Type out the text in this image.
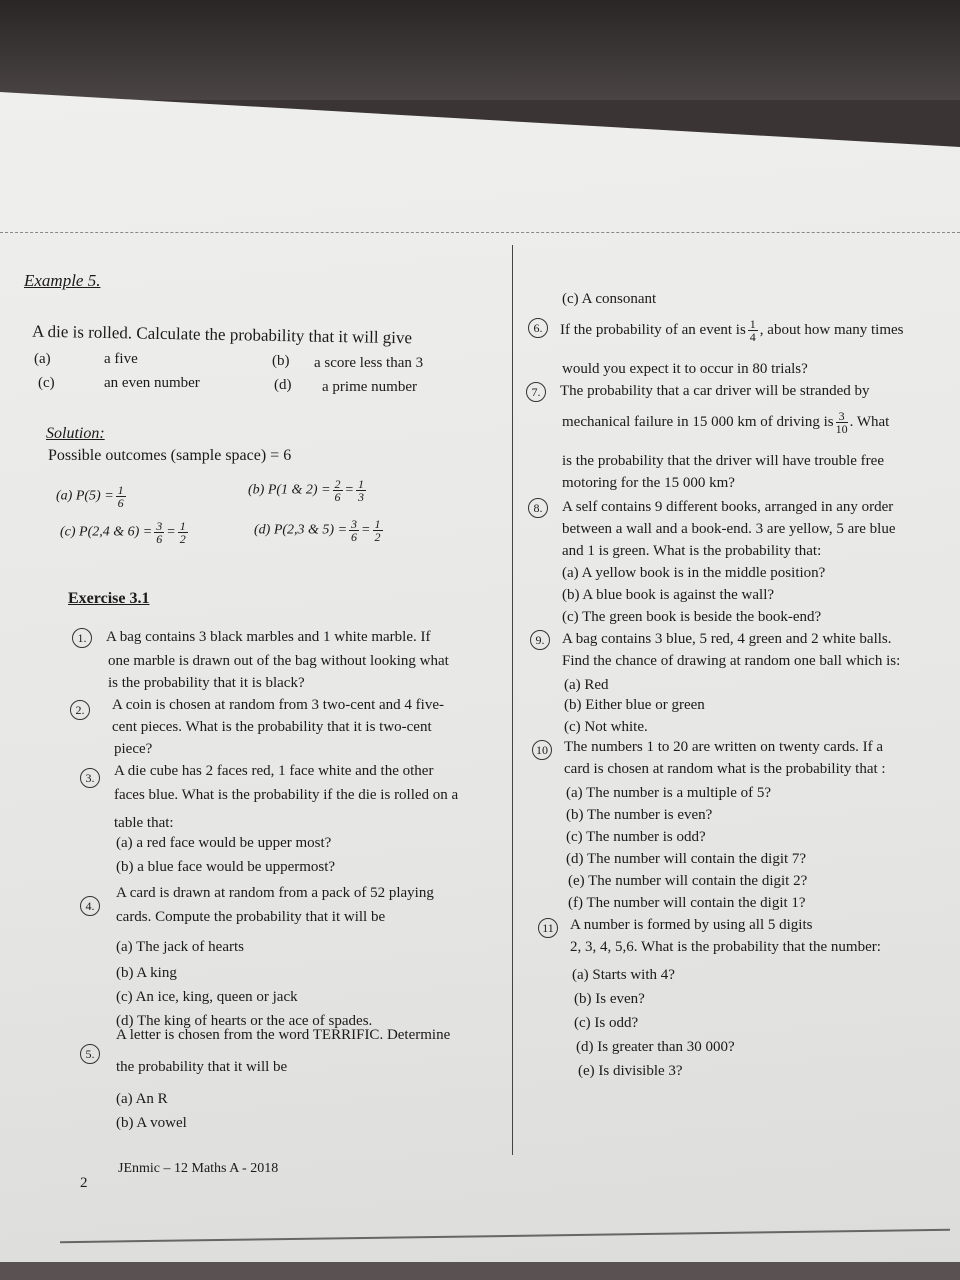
Example 5.
A die is rolled. Calculate the probability that it will give
(a)	a five	(b) a score less than 3
(c)	an even number	(d) a prime number
Solution:
Possible outcomes (sample space) = 6
(a) $P(5) = \frac{1}{6}$	(b) P(1 & $2) = \frac{2}{6} = \frac{1}{3}$
(c) P(2,4 & $6) = \frac{3}{6} = \frac{1}{2}$	(d) P(2,3 & $5) = \frac{3}{6} = \frac{1}{2}$
Exercise 3.1
1.	A bag contains 3 black marbles and 1 white marble. If
one marble is drawn out of the bag without looking what
is the probability that it is black?
2.	A coin is chosen at random from 3 two-cent and 4 five-
cent pieces. What is the probability that it is two-cent
piece?
3.	A die cube has 2 faces red, 1 face white and the other
faces blue. What is the probability if the die is rolled on a
table that:
(a) a red face would be upper most?
(b) a blue face would be uppermost?
4.
A card is drawn at random from a pack of 52 playing
cards. Compute the probability that it will be
(a) The jack of hearts
(b) A king
(c) An ice, king, queen or jack
(d) The king of hearts or the ace of spades.
5.
A letter is chosen from the word TERRIFIC. Determine
the probability that it will be
(a) An R
(b) A vowel
2
JEnmic – 12 Maths A - 2018
(c) A consonant
6.	If the probability of an event is $\frac{1}{4}$ , about how many times
would you expect it to occur in 80 trials?
7.	The probability that a car driver will be stranded by
mechanical failure in 15 000 km of driving is $\frac{3}{10}$ . What
is the probability that the driver will have trouble free
motoring for the 15 000 km?
8.	A self contains 9 different books, arranged in any order
between a wall and a book-end. 3 are yellow, 5 are blue
and 1 is green. What is the probability that:
(a) A yellow book is in the middle position?
(b) A blue book is against the wall?
(c) The green book is beside the book-end?
9.	A bag contains 3 blue, 5 red, 4 green and 2 white balls.
Find the chance of drawing at random one ball which is:
(a) Red
(b) Either blue or green
(c) Not white.
10 The numbers 1 to 20 are written on twenty cards. If a
card is chosen at random what is the probability that :
(a) The number is a multiple of 5?
(b) The number is even?
(c) The number is odd?
(d) The number will contain the digit 7?
(e) The number will contain the digit 2?
(f) The number will contain the digit 1?
11 A number is formed by using all 5 digits
2, 3, 4, 5,6. What is the probability that the number:
(a) Starts with 4?
(b) Is even?
(c) Is odd?
(d) Is greater than 30 000?
(e) Is divisible 3?
